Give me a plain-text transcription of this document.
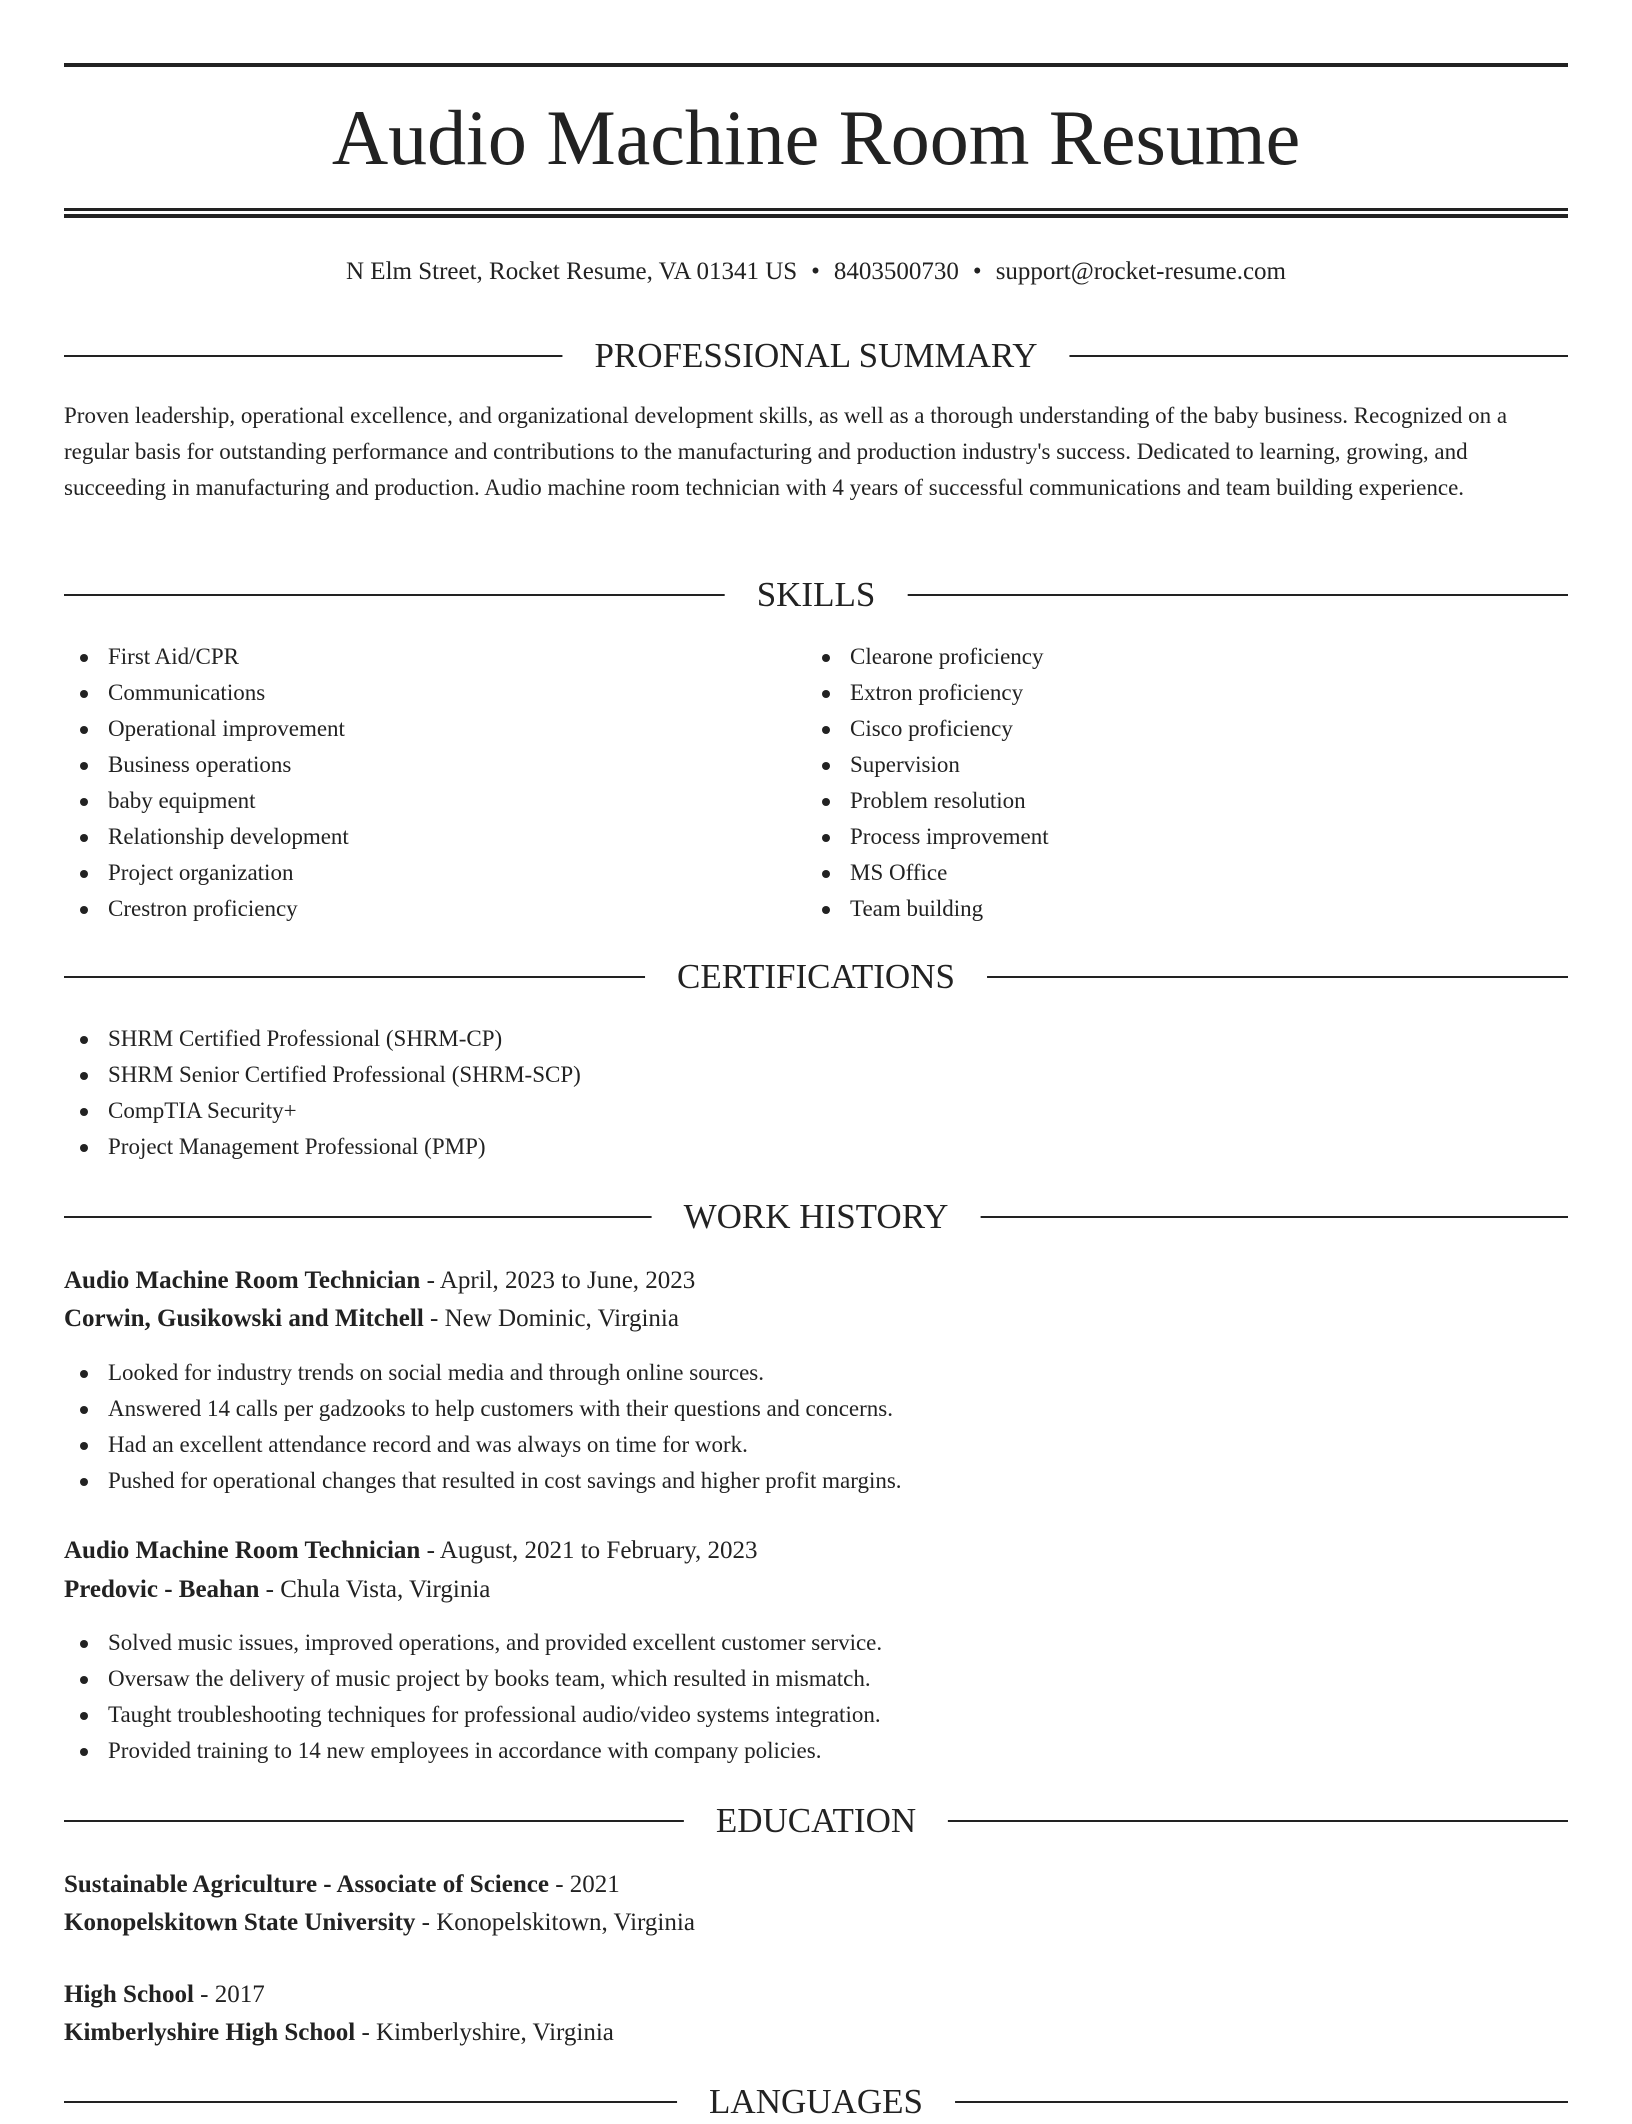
Audio Machine Room Resume
N Elm Street, Rocket Resume, VA 01341 US • 8403500730 • support@rocket-resume.com
PROFESSIONAL SUMMARY

Proven leadership, operational excellence, and organizational development skills, as well as a thorough understanding of the baby business. Recognized on a regular basis for outstanding performance and contributions to the manufacturing and production industry's success. Dedicated to learning, growing, and succeeding in manufacturing and production. Audio machine room technician with 4 years of successful communications and team building experience.

SKILLS
First Aid/CPR
Communications
Operational improvement
Business operations
baby equipment
Relationship development
Project organization
Crestron proficiency
Clearone proficiency
Extron proficiency
Cisco proficiency
Supervision
Problem resolution
Process improvement
MS Office
Team building
CERTIFICATIONS
SHRM Certified Professional (SHRM-CP)
SHRM Senior Certified Professional (SHRM-SCP)
CompTIA Security+
Project Management Professional (PMP)
WORK HISTORY
Audio Machine Room Technician - April, 2023 to June, 2023
Corwin, Gusikowski and Mitchell - New Dominic, Virginia
Looked for industry trends on social media and through online sources.
Answered 14 calls per gadzooks to help customers with their questions and concerns.
Had an excellent attendance record and was always on time for work.
Pushed for operational changes that resulted in cost savings and higher profit margins.
Audio Machine Room Technician - August, 2021 to February, 2023
Predovic - Beahan - Chula Vista, Virginia
Solved music issues, improved operations, and provided excellent customer service.
Oversaw the delivery of music project by books team, which resulted in mismatch.
Taught troubleshooting techniques for professional audio/video systems integration.
Provided training to 14 new employees in accordance with company policies.
EDUCATION
Sustainable Agriculture - Associate of Science - 2021
Konopelskitown State University - Konopelskitown, Virginia
High School - 2017
Kimberlyshire High School - Kimberlyshire, Virginia
LANGUAGES
